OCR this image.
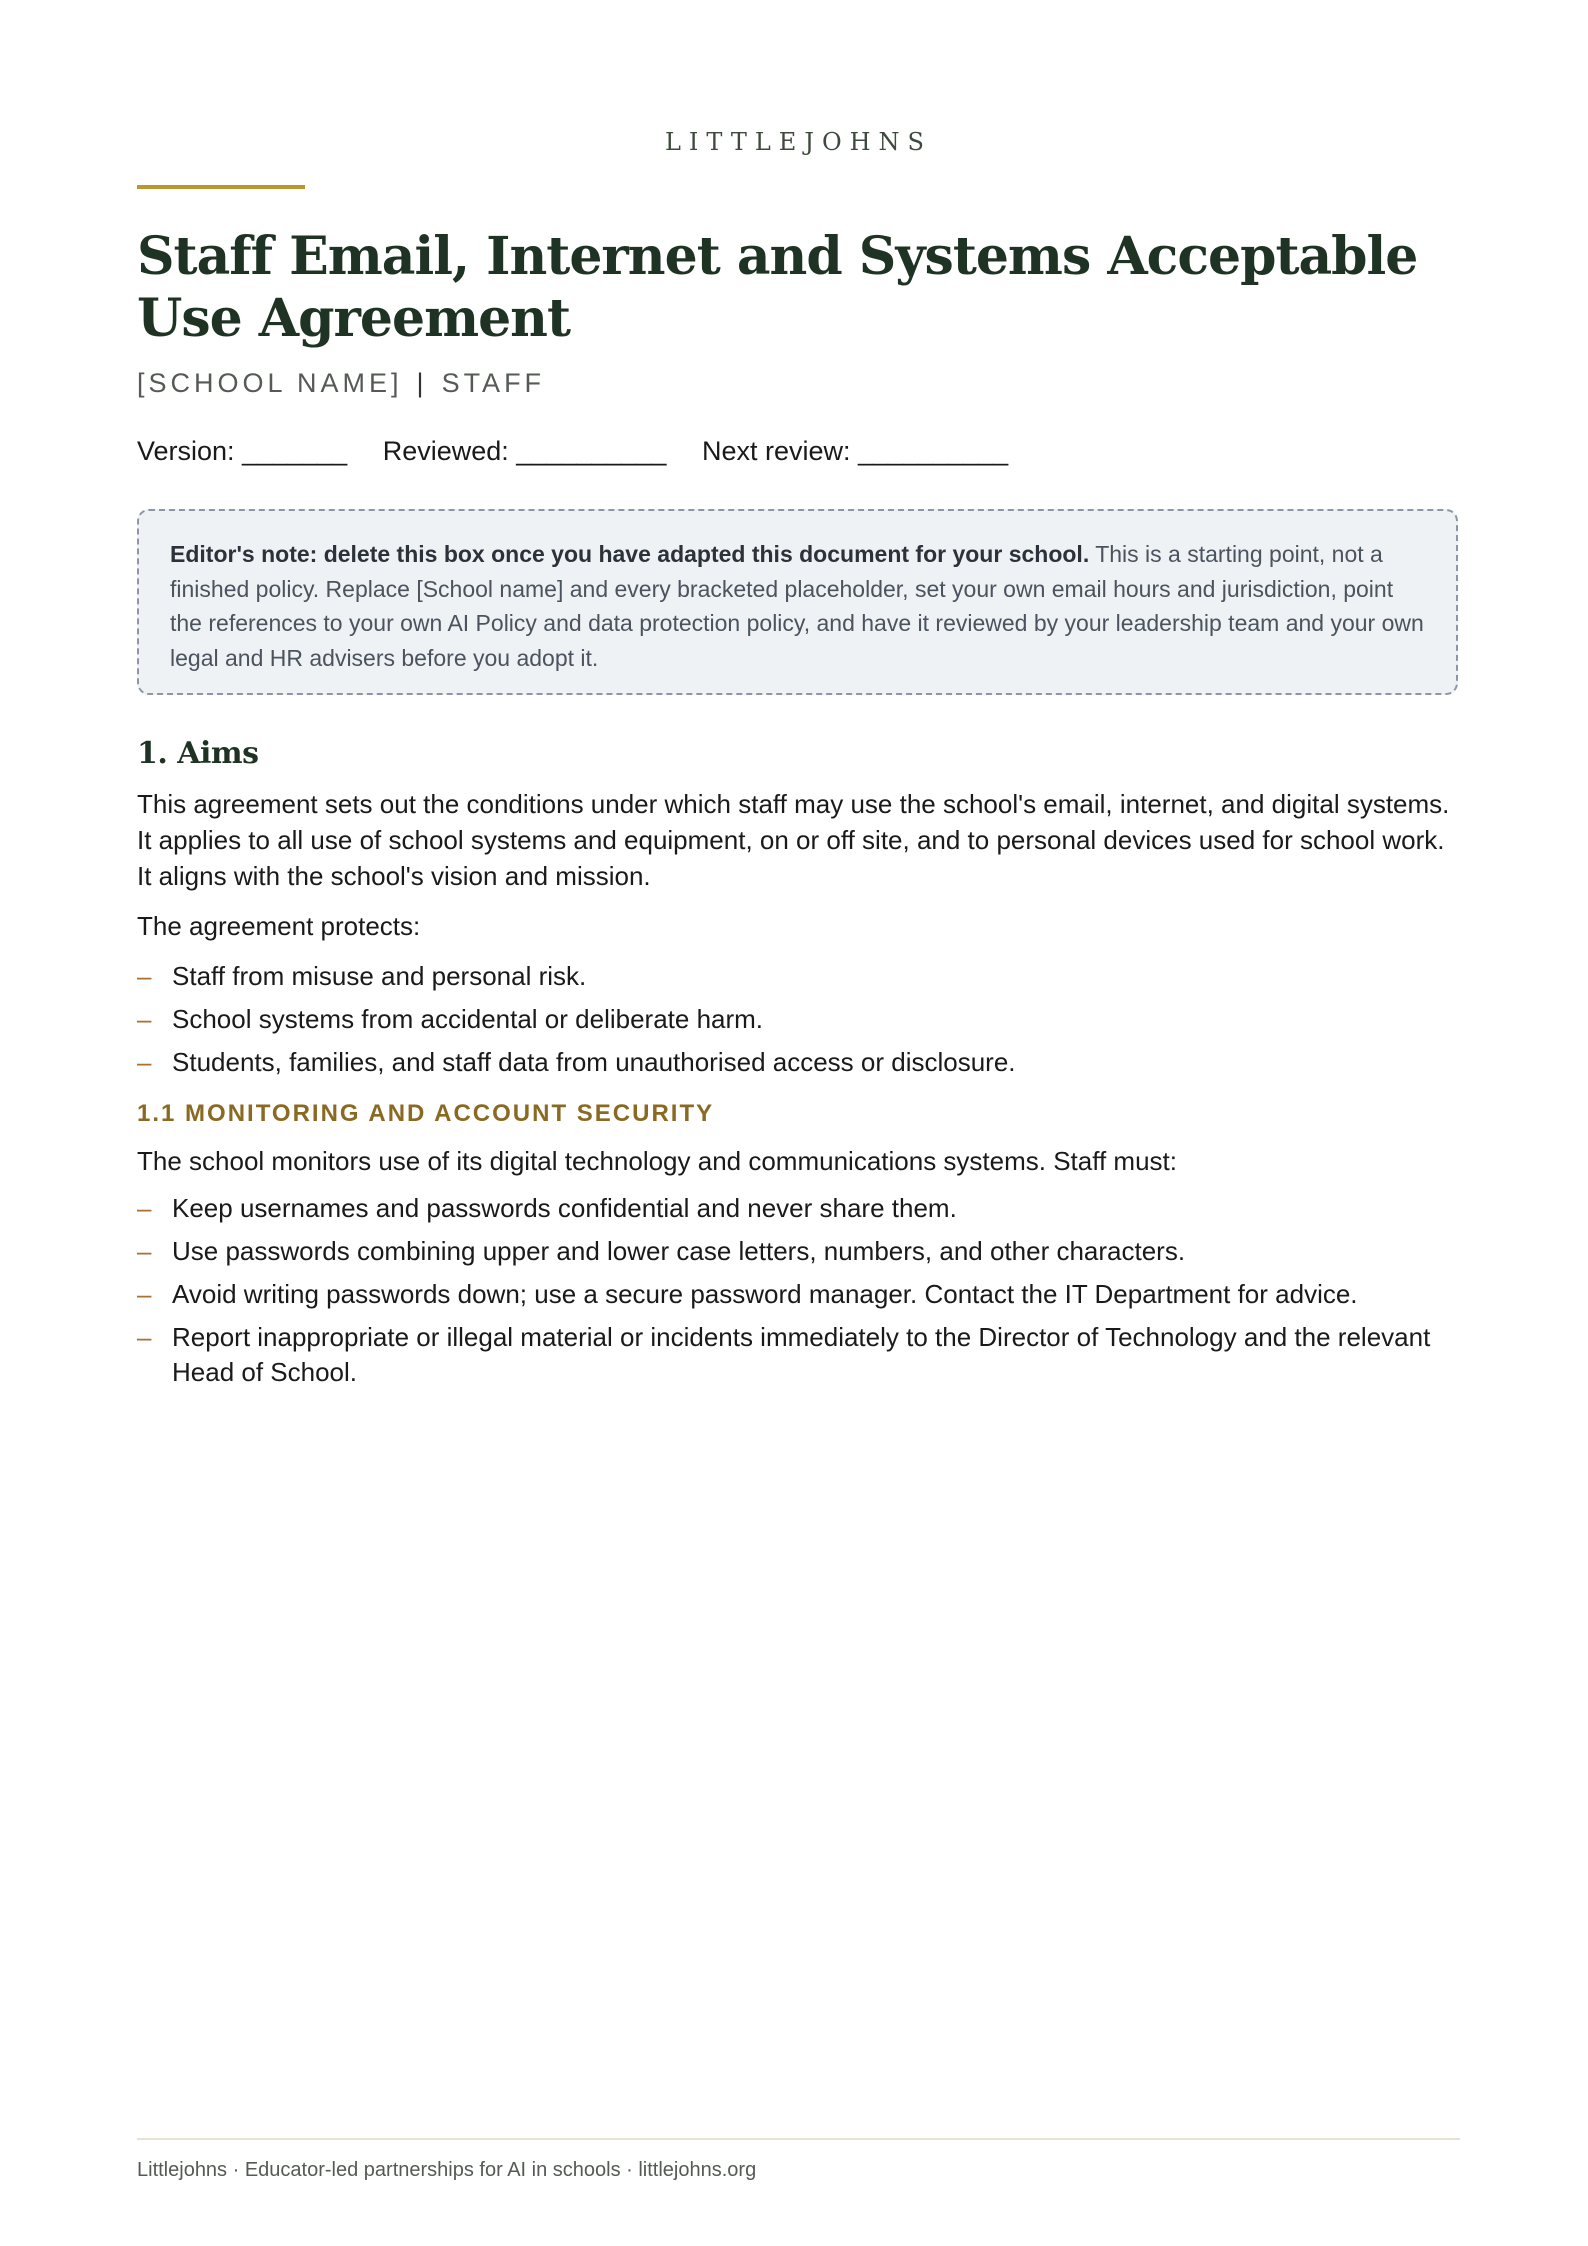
LITTLEJOHNS
Staff Email, Internet and Systems Acceptable Use Agreement
[SCHOOL NAME] | STAFF
Version: _______ Reviewed: __________ Next review: __________
Editor's note: delete this box once you have adapted this document for your school. This is a starting point, not a finished policy. Replace [School name] and every bracketed placeholder, set your own email hours and jurisdiction, point the references to your own AI Policy and data protection policy, and have it reviewed by your leadership team and your own legal and HR advisers before you adopt it.
1. Aims

This agreement sets out the conditions under which staff may use the school's email, internet, and digital systems. It applies to all use of school systems and equipment, on or off site, and to personal devices used for school work. It aligns with the school's vision and mission.

The agreement protects:

– Staff from misuse and personal risk.
– School systems from accidental or deliberate harm.
– Students, families, and staff data from unauthorised access or disclosure.
1.1 MONITORING AND ACCOUNT SECURITY

The school monitors use of its digital technology and communications systems. Staff must:

– Keep usernames and passwords confidential and never share them.
– Use passwords combining upper and lower case letters, numbers, and other characters.
– Avoid writing passwords down; use a secure password manager. Contact the IT Department for advice.
– Report inappropriate or illegal material or incidents immediately to the Director of Technology and the relevant Head of School.
Littlejohns · Educator-led partnerships for AI in schools · littlejohns.org
